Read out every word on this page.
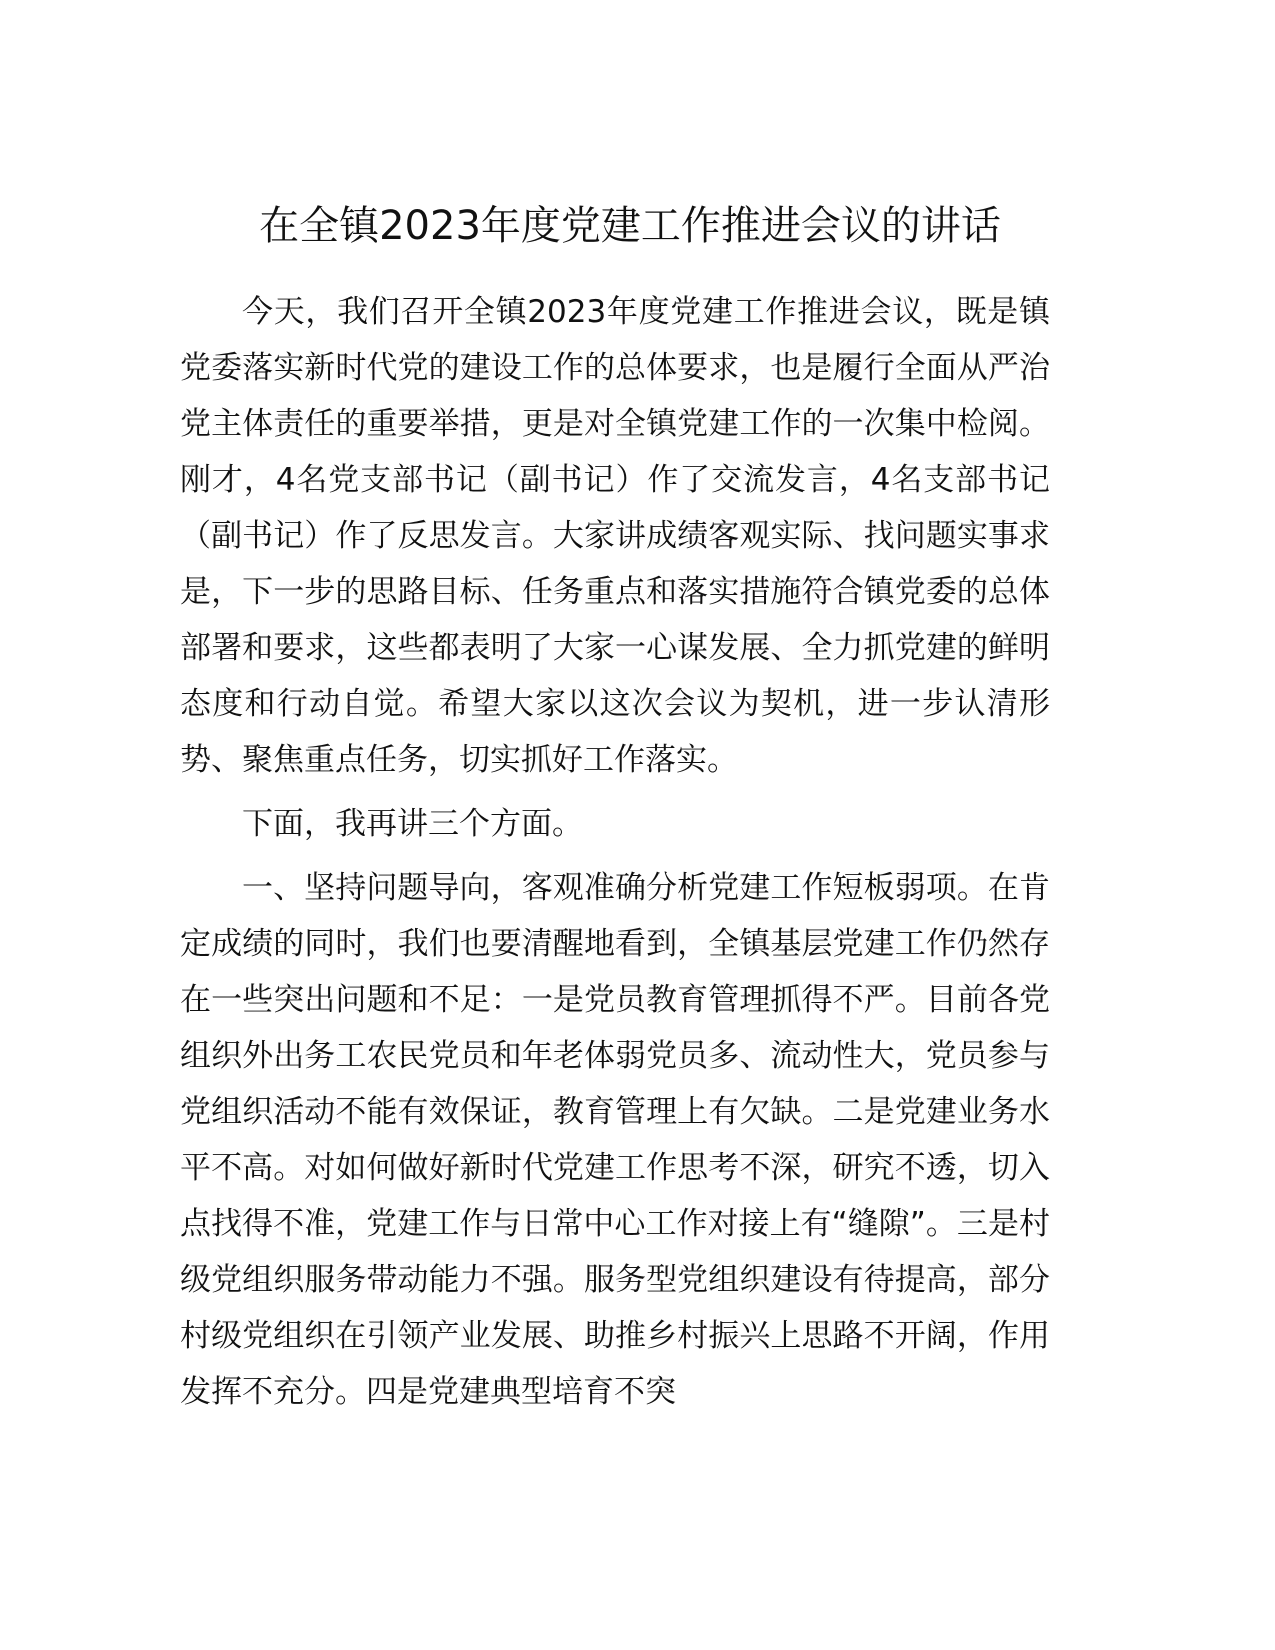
在全镇2023年度党建工作推进会议的讲话

今天，我们召开全镇2023年度党建工作推进会议，既是镇党委落实新时代党的建设工作的总体要求，也是履行全面从严治党主体责任的重要举措，更是对全镇党建工作的一次集中检阅。刚才，4名党支部书记（副书记）作了交流发言，4名支部书记（副书记）作了反思发言。大家讲成绩客观实际、找问题实事求是，下一步的思路目标、任务重点和落实措施符合镇党委的总体部署和要求，这些都表明了大家一心谋发展、全力抓党建的鲜明态度和行动自觉。希望大家以这次会议为契机，进一步认清形势、聚焦重点任务，切实抓好工作落实。

下面，我再讲三个方面。

一、坚持问题导向，客观准确分析党建工作短板弱项。在肯定成绩的同时，我们也要清醒地看到，全镇基层党建工作仍然存在一些突出问题和不足：一是党员教育管理抓得不严。目前各党组织外出务工农民党员和年老体弱党员多、流动性大，党员参与党组织活动不能有效保证，教育管理上有欠缺。二是党建业务水平不高。对如何做好新时代党建工作思考不深，研究不透，切入点找得不准，党建工作与日常中心工作对接上有“缝隙”。三是村级党组织服务带动能力不强。服务型党组织建设有待提高，部分村级党组织在引领产业发展、助推乡村振兴上思路不开阔，作用发挥不充分。四是党建典型培育不突
